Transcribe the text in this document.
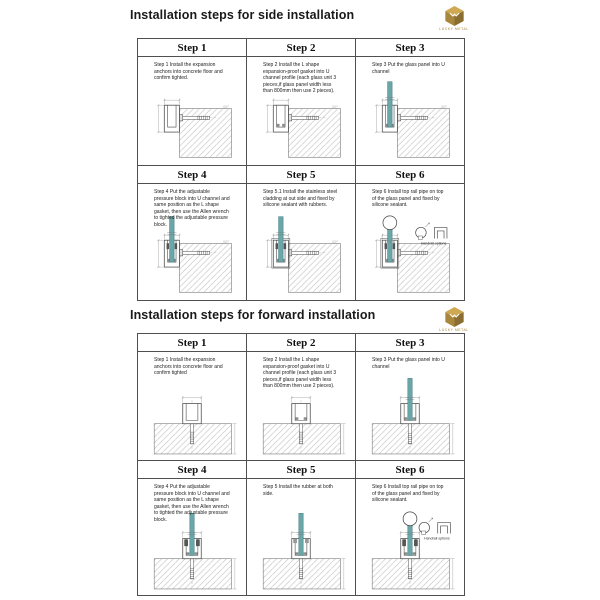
Installation steps for side installation
LUCKY METAL
Step 1	Step 2	Step 3

Step 1 Install the expansion anchors into concrete floor and confirm tighted.	Step 2 Install the L shape expansion-proof gasket into U channel profile (each glass unit 3 pieces,if glass panel width less than 800mm then use 2 pieces).	Step 3 Put the glass panel into U channel

Step 4	Step 5	Step 6

Step 4 Put the adjustable pressure block into U channel and same position as the L shape gasket, then use the Allen wrench to tighted the adjustable pressure block.	Step 5.1 Install the stainless steel cladding at out side and fixed by silicone sealant with rubbers.	Step 6 Install top rail pipe on top of the glass panel and fixed by silicone sealant.

Handrail options
Installation steps for forward installation
LUCKY METAL
Step 1	Step 2	Step 3

Step 1 Install the expansion anchors into concrete floor and confirm tighted	Step 2 Install the L shape expansion-proof gasket into U channel profile (each glass unit 3 pieces,if glass panel width less than 800mm then use 2 pieces).	Step 3 Put the glass panel into U channel

Step 4	Step 5	Step 6

Step 4 Put the adjustable pressure block into U channel and same position as the L shape gasket, then use the Allen wrench to tighted the adjustable pressure block.	Step 5 Install the rubber at both side.	Step 6 Install top rail pipe on top of the glass panel and fixed by silicone sealant.

Handrail options
